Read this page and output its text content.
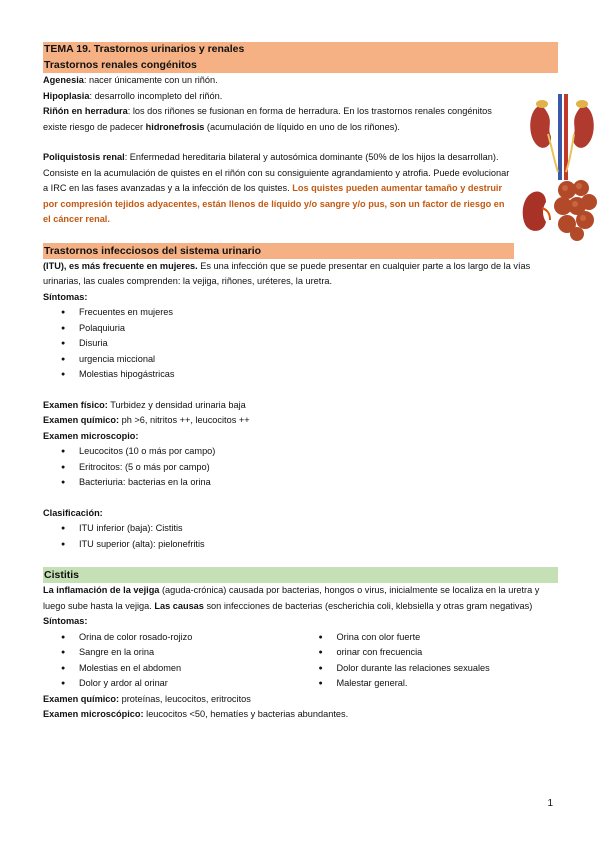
TEMA 19. Trastornos urinarios y renales
Trastornos renales congénitos

Agenesia: nacer únicamente con un riñón.

Hipoplasia: desarrollo incompleto del riñón.

Riñón en herradura: los dos riñones se fusionan en forma de herradura. En los trastornos renales congénitos existe riesgo de padecer hidronefrosis (acumulación de líquido en uno de los riñones).

Poliquistosis renal: Enfermedad hereditaria bilateral y autosómica dominante (50% de los hijos la desarrollan). Consiste en la acumulación de quistes en el riñón con su consiguiente agrandamiento y atrofia. Puede evolucionar a IRC en las fases avanzadas y a la infección de los quistes. Los quistes pueden aumentar tamaño y destruir por compresión tejidos adyacentes, están llenos de líquido y/o sangre y/o pus, son un factor de riesgo en el cáncer renal.

Trastornos infecciosos del sistema urinario

(ITU), es más frecuente en mujeres. Es una infección que se puede presentar en cualquier parte a los largo de la vías urinarias, las cuales comprenden: la vejiga, riñones, uréteres, la uretra.

Síntomas:

● Frecuentes en mujeres
● Polaquiuria
● Disuria
● urgencia miccional
● Molestias hipogástricas

Examen físico: Turbidez y densidad urinaria baja

Examen químico: ph >6, nitritos ++, leucocitos ++

Examen microscopio:

● Leucocitos (10 o más por campo)
● Eritrocitos: (5 o más por campo)
● Bacteriuria: bacterias en la orina

Clasificación:

● ITU inferior (baja): Cistitis
● ITU superior (alta): pielonefritis
Cistitis

La inflamación de la vejiga (aguda-crónica) causada por bacterias, hongos o virus, inicialmente se localiza en la uretra y luego sube hasta la vejiga. Las causas son infecciones de bacterias (escherichia coli, klebsiella y otras gram negativas)

Síntomas:

● Orina de color rosado-rojizo
● Sangre en la orina
● Molestias en el abdomen
● Dolor y ardor al orinar
● Orina con olor fuerte
● orinar con frecuencia
● Dolor durante las relaciones sexuales
● Malestar general.

Examen químico: proteínas, leucocitos, eritrocitos

Examen microscópico: leucocitos <50, hematíes y bacterias abundantes.

1
